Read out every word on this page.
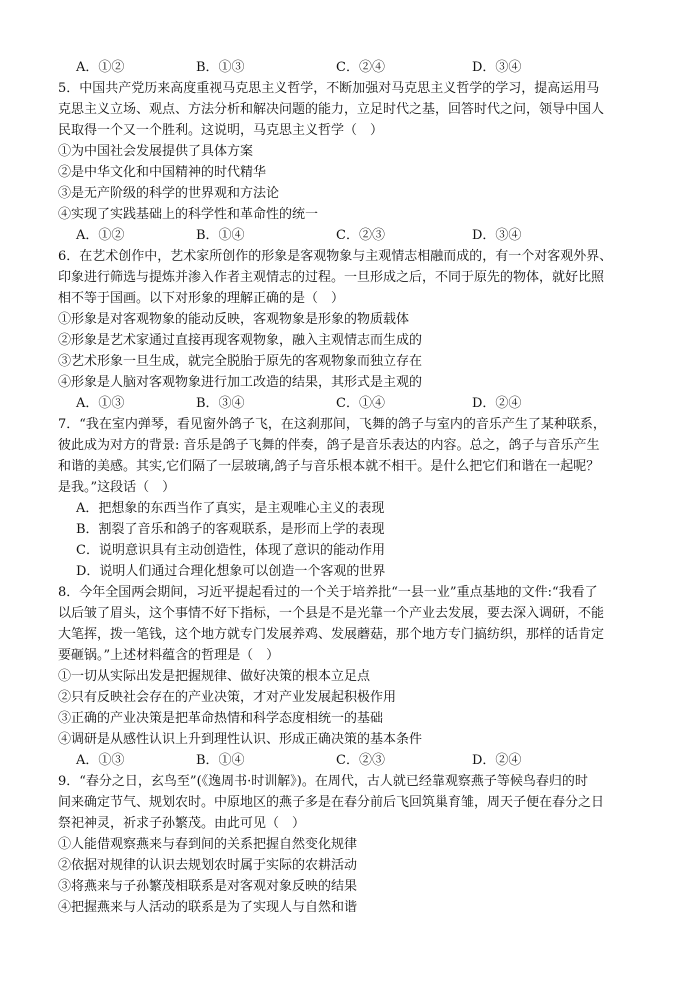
A．①②	B．①③	C．②④	D．③④
5．中国共产党历来高度重视马克思主义哲学，不断加强对马克思主义哲学的学习，提高运用马
克思主义立场、观点、方法分析和解决问题的能力，立足时代之基，回答时代之问，领导中国人
民取得一个又一个胜利。这说明，马克思主义哲学（　）
①为中国社会发展提供了具体方案
②是中华文化和中国精神的时代精华
③是无产阶级的科学的世界观和方法论
④实现了实践基础上的科学性和革命性的统一
A．①②	B．①④	C．②③	D．③④
6．在艺术创作中，艺术家所创作的形象是客观物象与主观情志相融而成的，有一个对客观外界、
印象进行筛选与提炼并渗入作者主观情志的过程。一旦形成之后，不同于原先的物体，就好比照
相不等于国画。以下对形象的理解正确的是（　）
①形象是对客观物象的能动反映，客观物象是形象的物质载体
②形象是艺术家通过直接再现客观物象，融入主观情志而生成的
③艺术形象一旦生成，就完全脱胎于原先的客观物象而独立存在
④形象是人脑对客观物象进行加工改造的结果，其形式是主观的
A．①③	B．③④	C．①④	D．②④
7．“我在室内弹琴，看见窗外鸽子飞，在这刹那间，飞舞的鸽子与室内的音乐产生了某种联系，
彼此成为对方的背景: 音乐是鸽子飞舞的伴奏，鸽子是音乐表达的内容。总之，鸽子与音乐产生
和谐的美感。其实,它们隔了一层玻璃,鸽子与音乐根本就不相干。是什么把它们和谐在一起呢？
是我。”这段话（　）
A．把想象的东西当作了真实，是主观唯心主义的表现
B．割裂了音乐和鸽子的客观联系，是形而上学的表现
C．说明意识具有主动创造性，体现了意识的能动作用
D．说明人们通过合理化想象可以创造一个客观的世界
8．今年全国两会期间，习近平提起看过的一个关于培养批“一县一业”重点基地的文件:“我看了
以后皱了眉头，这个事情不好下指标，一个县是不是光靠一个产业去发展，要去深入调研，不能
大笔挥，拨一笔钱，这个地方就专门发展养鸡、发展蘑菇，那个地方专门搞纺织，那样的话肯定
要砸锅。”上述材料蕴含的哲理是（　）
①一切从实际出发是把握规律、做好决策的根本立足点
②只有反映社会存在的产业决策，才对产业发展起积极作用
③正确的产业决策是把革命热情和科学态度相统一的基础
④调研是从感性认识上升到理性认识、形成正确决策的基本条件
A．①③	B．①④	C．②③	D．②④
9．“春分之日，玄鸟至”(《逸周书·时训解》)。在周代，古人就已经靠观察燕子等候鸟春归的时
间来确定节气、规划农时。中原地区的燕子多是在春分前后飞回筑巢育雏，周天子便在春分之日
祭祀神灵，祈求子孙繁茂。由此可见（　）
①人能借观察燕来与春到间的关系把握自然变化规律
②依据对规律的认识去规划农时属于实际的农耕活动
③将燕来与子孙繁茂相联系是对客观对象反映的结果
④把握燕来与人活动的联系是为了实现人与自然和谐
